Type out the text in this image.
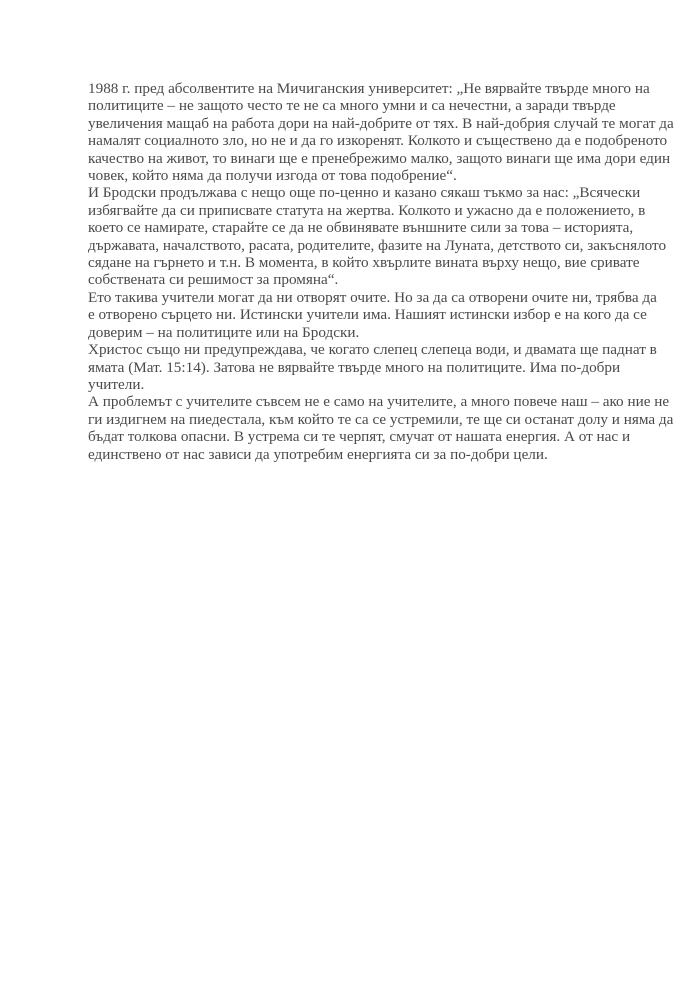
1988 г. пред абсолвентите на Мичиганския университет: „Не вярвайте твърде много на
политиците – не защото често те не са много умни и са нечестни, а заради твърде
увеличения мащаб на работа дори на най-добрите от тях. В най-добрия случай те могат да
намалят социалното зло, но не и да го изкоренят. Колкото и съществено да е подобреното
качество на живот, то винаги ще е пренебрежимо малко, защото винаги ще има дори един
човек, който няма да получи изгода от това подобрение“.
И Бродски продължава с нещо още по-ценно и казано сякаш тъкмо за нас: „Всячески
избягвайте да си приписвате статута на жертва. Колкото и ужасно да е положението, в
което се намирате, старайте се да не обвинявате външните сили за това – историята,
държавата, началството, расата, родителите, фазите на Луната, детството си, закъснялото
сядане на гърнето и т.н. В момента, в който хвърлите вината върху нещо, вие сривате
собствената си решимост за промяна“.
Ето такива учители могат да ни отворят очите. Но за да са отворени очите ни, трябва да
е отворено сърцето ни. Истински учители има. Нашият истински избор е на кого да се
доверим – на политиците или на Бродски.
Христос също ни предупреждава, че когато слепец слепеца води, и двамата ще паднат в
ямата (Мат. 15:14). Затова не вярвайте твърде много на политиците. Има по-добри
учители.
А проблемът с учителите съвсем не е само на учителите, а много повече наш – ако ние не
ги издигнем на пиедестала, към който те са се устремили, те ще си останат долу и няма да
бъдат толкова опасни. В устрема си те черпят, смучат от нашата енергия. А от нас и
единствено от нас зависи да употребим енергията си за по-добри цели.
